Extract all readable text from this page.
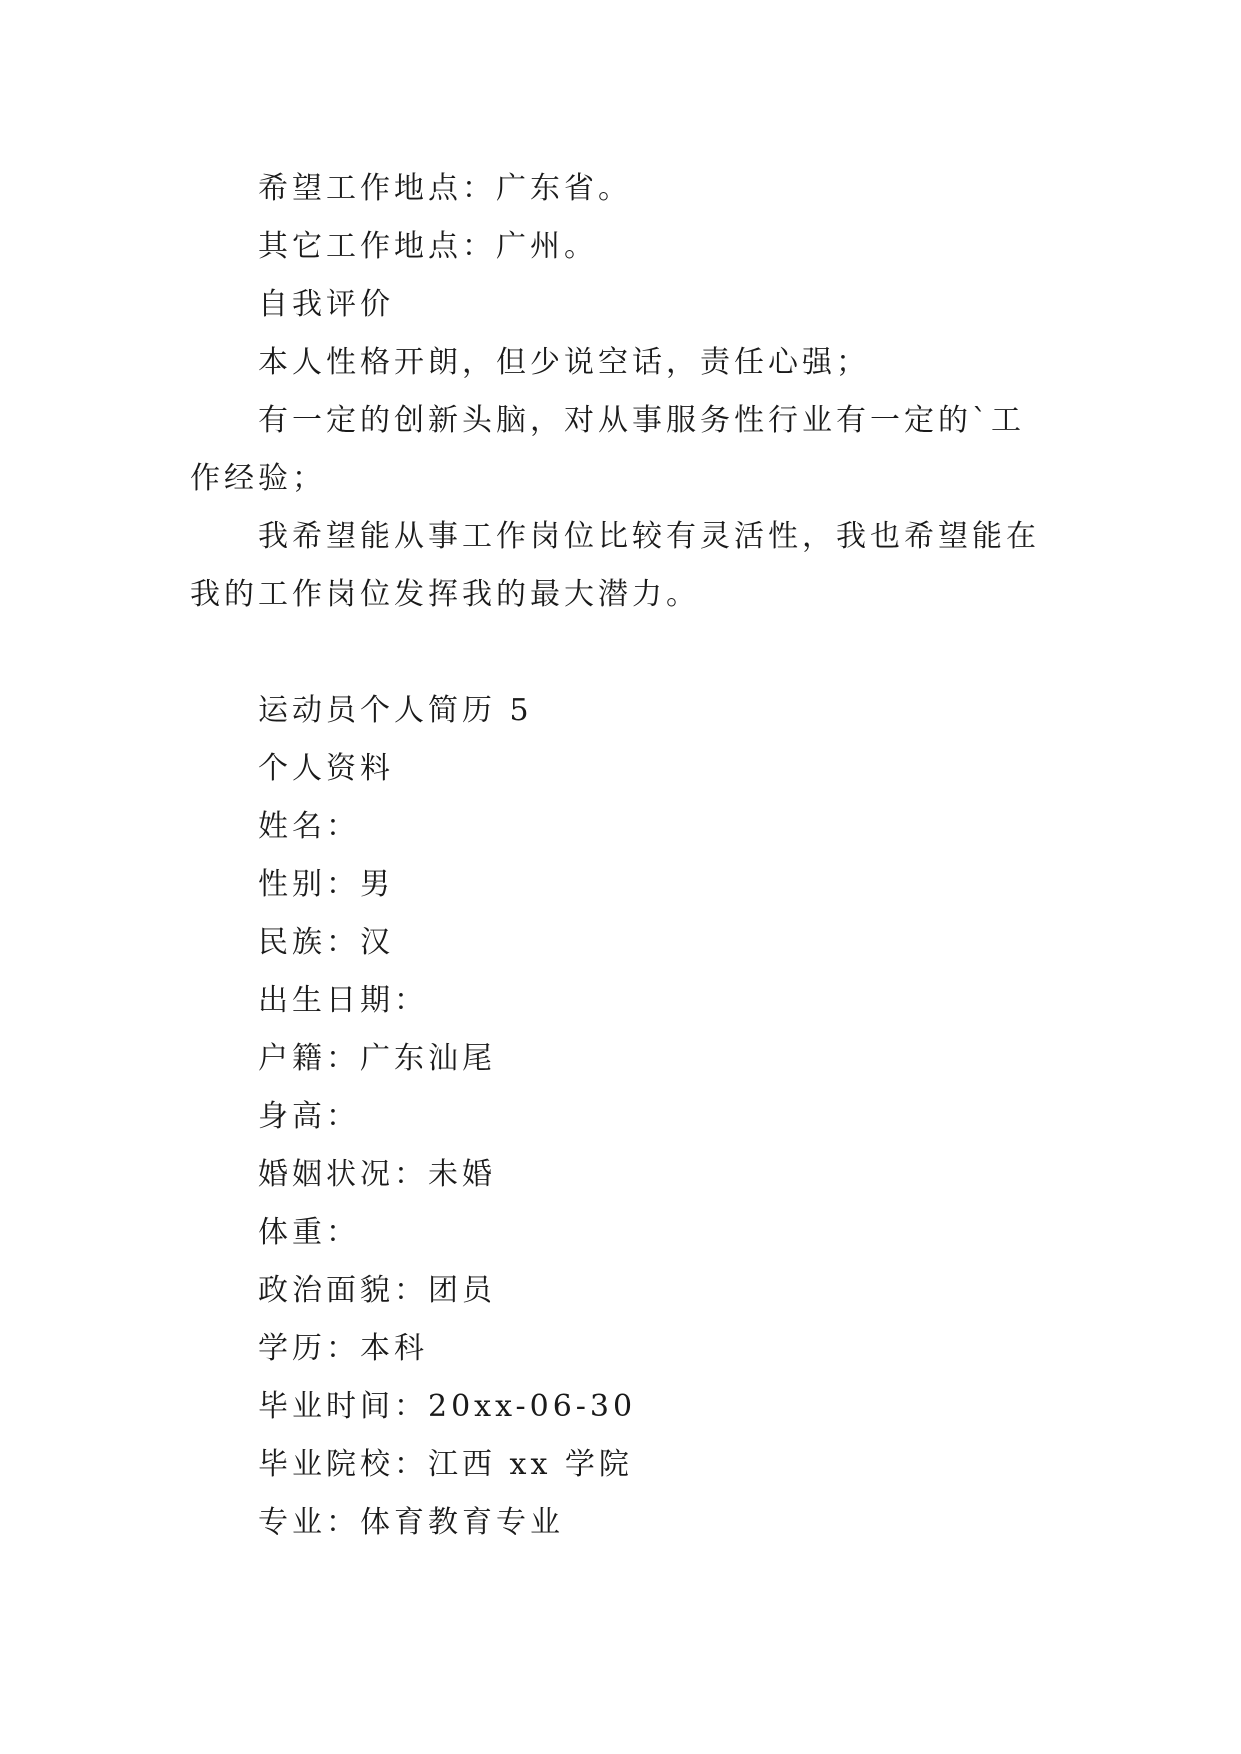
希望工作地点：广东省。
其它工作地点：广州。
自我评价
本人性格开朗，但少说空话，责任心强；
有一定的创新头脑，对从事服务性行业有一定的`工作经验；
我希望能从事工作岗位比较有灵活性，我也希望能在我的工作岗位发挥我的最大潜力。
运动员个人简历 5
个人资料
姓名：
性别：男
民族：汉
出生日期：
户籍：广东汕尾
身高：
婚姻状况：未婚
体重：
政治面貌：团员
学历：本科
毕业时间：20xx-06-30
毕业院校：江西 xx 学院
专业：体育教育专业
